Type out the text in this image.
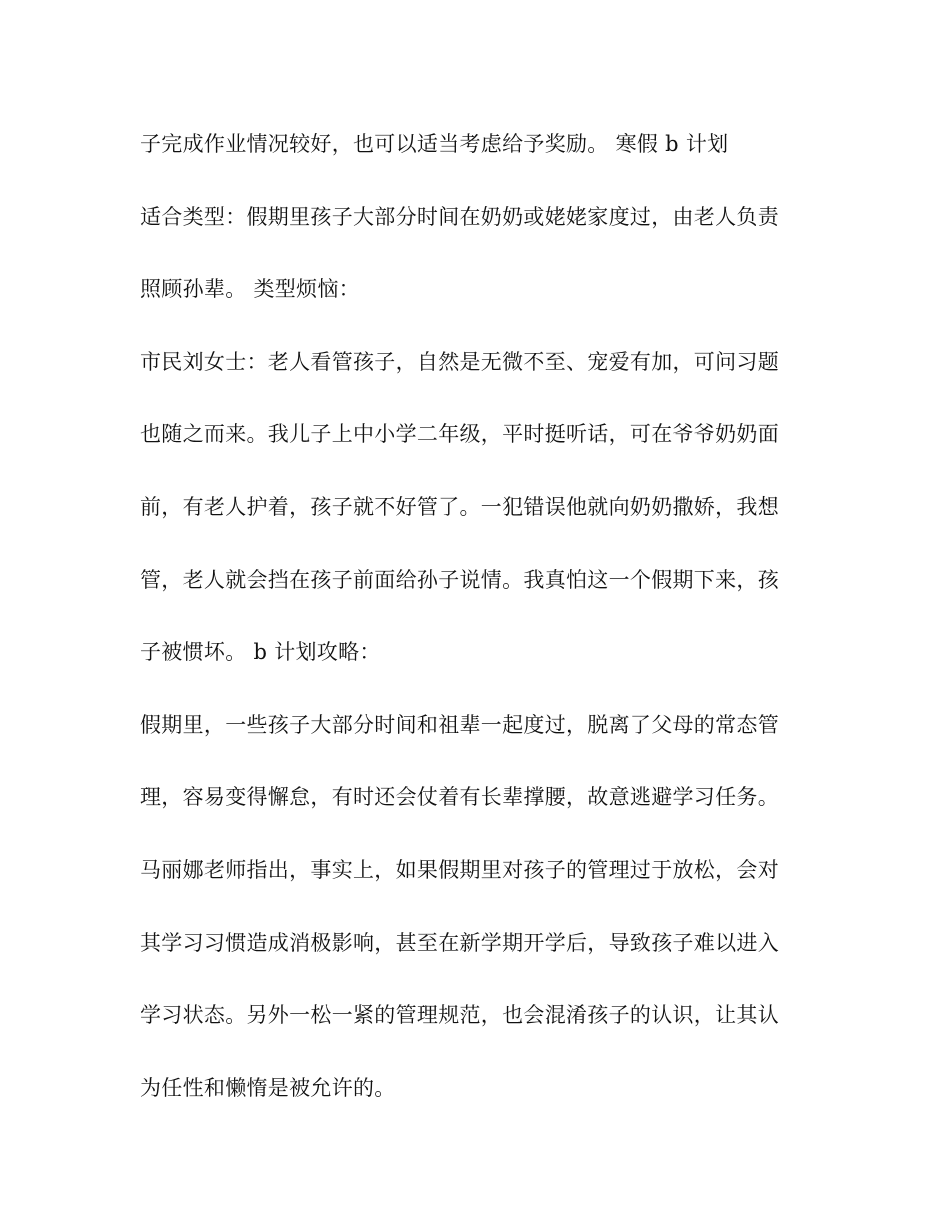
子完成作业情况较好，也可以适当考虑给予奖励。 寒假 b 计划
适合类型：假期里孩子大部分时间在奶奶或姥姥家度过，由老人负责
照顾孙辈。 类型烦恼：
市民刘女士：老人看管孩子，自然是无微不至、宠爱有加，可问习题
也随之而来。我儿子上中小学二年级，平时挺听话，可在爷爷奶奶面
前，有老人护着，孩子就不好管了。一犯错误他就向奶奶撒娇，我想
管，老人就会挡在孩子前面给孙子说情。我真怕这一个假期下来，孩
子被惯坏。 b 计划攻略：
假期里，一些孩子大部分时间和祖辈一起度过，脱离了父母的常态管
理，容易变得懈怠，有时还会仗着有长辈撑腰，故意逃避学习任务。
马丽娜老师指出，事实上，如果假期里对孩子的管理过于放松，会对
其学习习惯造成消极影响，甚至在新学期开学后，导致孩子难以进入
学习状态。另外一松一紧的管理规范，也会混淆孩子的认识，让其认
为任性和懒惰是被允许的。
